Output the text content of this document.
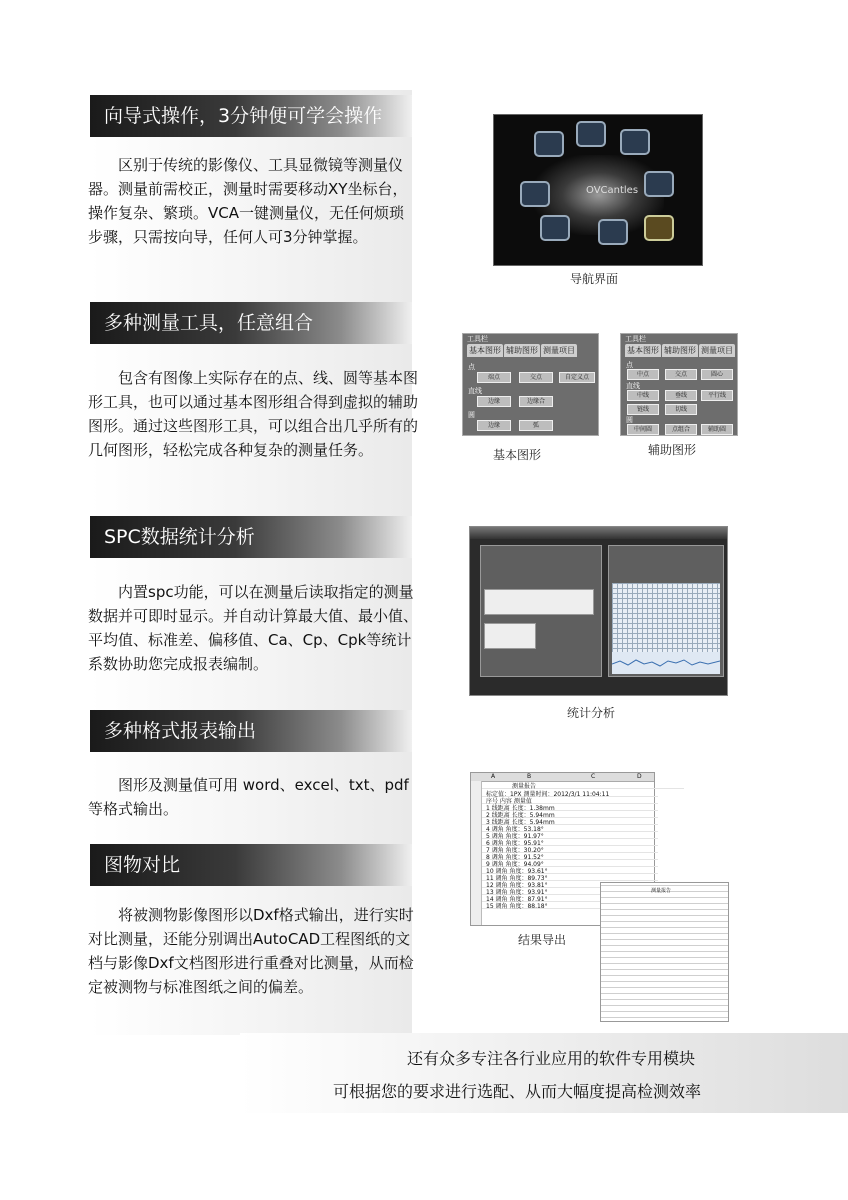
向导式操作，3分钟便可学会操作

区别于传统的影像仪、工具显微镜等测量仪器。测量前需校正，测量时需要移动XY坐标台，操作复杂、繁琐。VCA一键测量仪，无任何烦琐步骤，只需按向导，任何人可3分钟掌握。

多种测量工具，任意组合

包含有图像上实际存在的点、线、圆等基本图形工具，也可以通过基本图形组合得到虚拟的辅助图形。通过这些图形工具，可以组合出几乎所有的几何图形，轻松完成各种复杂的测量任务。

SPC数据统计分析

内置spc功能，可以在测量后读取指定的测量数据并可即时显示。并自动计算最大值、最小值、平均值、标准差、偏移值、Ca、Cp、Cpk等统计系数协助您完成报表编制。

多种格式报表输出

图形及测量值可用 word、excel、txt、pdf等格式输出。

图物对比

将被测物影像图形以Dxf格式输出，进行实时对比测量，还能分别调出AutoCAD工程图纸的文档与影像Dxf文档图形进行重叠对比测量，从而检定被测物与标准图纸之间的偏差。

OVCantles
导航界面
工具栏
基本图形 辅助图形 测量项目
点
端点	交点	自定义点
直线
边缘	边缘合
圆
边缘	弧
基本图形
工具栏
基本图形 辅助图形 测量项目
点
中点	交点	圆心
直线
中线	垂线	平行线
链线	切线
圆
中间圆	点组合	辅助圆
辅助图形
统计分析
A	B	C	D
测量报告
标定值：1PX 测量时间：2012/3/1 11:04:11
序号 内容 测量值
1 线距离 长度：1.38mm
2 线距离 长度：5.94mm
3 线距离 长度：5.94mm
4 调角 角度：53.18°
5 调角 角度：91.97°
6 调角 角度：95.91°
7 调角 角度：30.20°
8 调角 角度：91.52°
9 调角 角度：94.09°
10 调角 角度：93.61°
11 调角 角度：89.73°
12 调角 角度：93.81°
13 调角 角度：93.91°
14 调角 角度：87.91°
15 调角 角度：88.18°
测量报告
结果导出
还有众多专注各行业应用的软件专用模块
可根据您的要求进行选配、从而大幅度提高检测效率
